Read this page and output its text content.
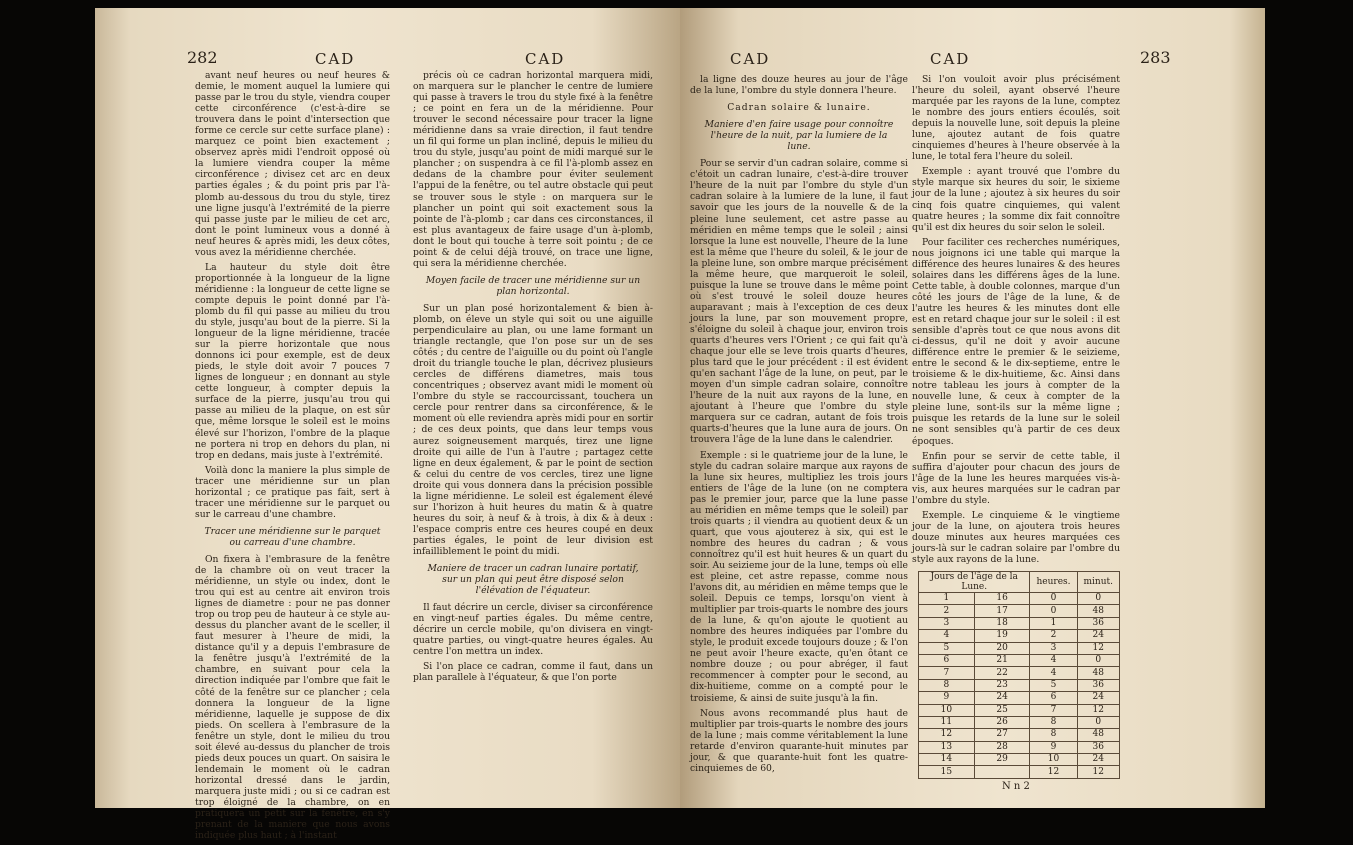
282	CAD	CAD

avant neuf heures ou neuf heures & demie, le moment auquel la lumiere qui passe par le trou du style, viendra couper cette circonférence (c'est-à-dire se trouvera dans le point d'intersection que forme ce cercle sur cette surface plane) : marquez ce point bien exactement ; observez après midi l'endroit opposé où la lumiere viendra couper la même circonférence ; divisez cet arc en deux parties égales ; & du point pris par l'à-plomb au-dessous du trou du style, tirez une ligne jusqu'à l'extrémité de la pierre qui passe juste par le milieu de cet arc, dont le point lumineux vous a donné à neuf heures & après midi, les deux côtes, vous avez la méridienne cherchée.

La hauteur du style doit être proportionnée à la longueur de la ligne méridienne : la longueur de cette ligne se compte depuis le point donné par l'à-plomb du fil qui passe au milieu du trou du style, jusqu'au bout de la pierre. Si la longueur de la ligne méridienne, tracée sur la pierre horizontale que nous donnons ici pour exemple, est de deux pieds, le style doit avoir 7 pouces 7 lignes de longueur ; en donnant au style cette longueur, à compter depuis la surface de la pierre, jusqu'au trou qui passe au milieu de la plaque, on est sûr que, même lorsque le soleil est le moins élevé sur l'horizon, l'ombre de la plaque ne portera ni trop en dehors du plan, ni trop en dedans, mais juste à l'extrémité.

Voilà donc la maniere la plus simple de tracer une méridienne sur un plan horizontal ; ce pratique pas fait, sert à tracer une méridienne sur le parquet ou sur le carreau d'une chambre.

Tracer une méridienne sur le parquet ou carreau d'une chambre.

On fixera à l'embrasure de la fenêtre de la chambre où on veut tracer la méridienne, un style ou index, dont le trou qui est au centre ait environ trois lignes de diametre : pour ne pas donner trop ou trop peu de hauteur à ce style au-dessus du plancher avant de le sceller, il faut mesurer à l'heure de midi, la distance qu'il y a depuis l'embrasure de la fenêtre jusqu'à l'extrémité de la chambre, en suivant pour cela la direction indiquée par l'ombre que fait le côté de la fenêtre sur ce plancher ; cela donnera la longueur de la ligne méridienne, laquelle je suppose de dix pieds. On scellera à l'embrasure de la fenêtre un style, dont le milieu du trou soit élevé au-dessus du plancher de trois pieds deux pouces un quart. On saisira le lendemain le moment où le cadran horizontal dressé dans le jardin, marquera juste midi ; ou si ce cadran est trop éloigné de la chambre, on en pratiquera un petit sur la fenêtre, en s'y prenant de la maniere que nous avons indiquée plus haut ; à l'instant

précis où ce cadran horizontal marquera midi, on marquera sur le plancher le centre de lumiere qui passe à travers le trou du style fixé à la fenêtre ; ce point en fera un de la méridienne. Pour trouver le second nécessaire pour tracer la ligne méridienne dans sa vraie direction, il faut tendre un fil qui forme un plan incliné, depuis le milieu du trou du style, jusqu'au point de midi marqué sur le plancher ; on suspendra à ce fil l'à-plomb assez en dedans de la chambre pour éviter seulement l'appui de la fenêtre, ou tel autre obstacle qui peut se trouver sous le style : on marquera sur le plancher un point qui soit exactement sous la pointe de l'à-plomb ; car dans ces circonstances, il est plus avantageux de faire usage d'un à-plomb, dont le bout qui touche à terre soit pointu ; de ce point & de celui déjà trouvé, on trace une ligne, qui sera la méridienne cherchée.

Moyen facile de tracer une méridienne sur un plan horizontal.

Sur un plan posé horizontalement & bien à-plomb, on éleve un style qui soit ou une aiguille perpendiculaire au plan, ou une lame formant un triangle rectangle, que l'on pose sur un de ses côtés ; du centre de l'aiguille ou du point où l'angle droit du triangle touche le plan, décrivez plusieurs cercles de différens diametres, mais tous concentriques ; observez avant midi le moment où l'ombre du style se raccourcissant, touchera un cercle pour rentrer dans sa circonférence, & le moment où elle reviendra après midi pour en sortir ; de ces deux points, que dans leur temps vous aurez soigneusement marqués, tirez une ligne droite qui aille de l'un à l'autre ; partagez cette ligne en deux également, & par le point de section & celui du centre de vos cercles, tirez une ligne droite qui vous donnera dans la précision possible la ligne méridienne. Le soleil est également élevé sur l'horizon à huit heures du matin & à quatre heures du soir, à neuf & à trois, à dix & à deux : l'espace compris entre ces heures coupé en deux parties égales, le point de leur division est infailliblement le point du midi.

Maniere de tracer un cadran lunaire portatif, sur un plan qui peut être disposé selon l'élévation de l'équateur.

Il faut décrire un cercle, diviser sa circonférence en vingt-neuf parties égales. Du même centre, décrire un cercle mobile, qu'on divisera en vingt-quatre parties, ou vingt-quatre heures égales. Au centre l'on mettra un index.

Si l'on place ce cadran, comme il faut, dans un plan parallele à l'équateur, & que l'on porte

CAD	CAD	283

la ligne des douze heures au jour de l'âge de la lune, l'ombre du style donnera l'heure.

Cadran solaire & lunaire.

Maniere d'en faire usage pour connoître l'heure de la nuit, par la lumiere de la lune.

Pour se servir d'un cadran solaire, comme si c'étoit un cadran lunaire, c'est-à-dire trouver l'heure de la nuit par l'ombre du style d'un cadran solaire à la lumiere de la lune, il faut savoir que les jours de la nouvelle & de la pleine lune seulement, cet astre passe au méridien en même temps que le soleil ; ainsi lorsque la lune est nouvelle, l'heure de la lune est la même que l'heure du soleil, & le jour de la pleine lune, son ombre marque précisément la même heure, que marqueroit le soleil, puisque la lune se trouve dans le même point où s'est trouvé le soleil douze heures auparavant ; mais à l'exception de ces deux jours la lune, par son mouvement propre, s'éloigne du soleil à chaque jour, environ trois quarts d'heures vers l'Orient ; ce qui fait qu'à chaque jour elle se leve trois quarts d'heures, plus tard que le jour précédent : il est évident qu'en sachant l'âge de la lune, on peut, par le moyen d'un simple cadran solaire, connoître l'heure de la nuit aux rayons de la lune, en ajoutant à l'heure que l'ombre du style marquera sur ce cadran, autant de fois trois quarts-d'heures que la lune aura de jours. On trouvera l'âge de la lune dans le calendrier.

Exemple : si le quatrieme jour de la lune, le style du cadran solaire marque aux rayons de la lune six heures, multipliez les trois jours entiers de l'âge de la lune (on ne comptera pas le premier jour, parce que la lune passe au méridien en même temps que le soleil) par trois quarts ; il viendra au quotient deux & un quart, que vous ajouterez à six, qui est le nombre des heures du cadran ; & vous connoîtrez qu'il est huit heures & un quart du soir. Au seizieme jour de la lune, temps où elle est pleine, cet astre repasse, comme nous l'avons dit, au méridien en même temps que le soleil. Depuis ce temps, lorsqu'on vient à multiplier par trois-quarts le nombre des jours de la lune, & qu'on ajoute le quotient au nombre des heures indiquées par l'ombre du style, le produit excede toujours douze ; & l'on ne peut avoir l'heure exacte, qu'en ôtant ce nombre douze ; ou pour abréger, il faut recommencer à compter pour le second, au dix-huitieme, comme on a compté pour le troisieme, & ainsi de suite jusqu'à la fin.

Nous avons recommandé plus haut de multiplier par trois-quarts le nombre des jours de la lune ; mais comme véritablement la lune retarde d'environ quarante-huit minutes par jour, & que quarante-huit font les quatre-cinquiemes de 60,

Si l'on vouloit avoir plus précisément l'heure du soleil, ayant observé l'heure marquée par les rayons de la lune, comptez le nombre des jours entiers écoulés, soit depuis la nouvelle lune, soit depuis la pleine lune, ajoutez autant de fois quatre cinquiemes d'heures à l'heure observée à la lune, le total fera l'heure du soleil.

Exemple : ayant trouvé que l'ombre du style marque six heures du soir, le sixieme jour de la lune ; ajoutez à six heures du soir cinq fois quatre cinquiemes, qui valent quatre heures ; la somme dix fait connoître qu'il est dix heures du soir selon le soleil.

Pour faciliter ces recherches numériques, nous joignons ici une table qui marque la différence des heures lunaires & des heures solaires dans les différens âges de la lune. Cette table, à double colonnes, marque d'un côté les jours de l'âge de la lune, & de l'autre les heures & les minutes dont elle est en retard chaque jour sur le soleil : il est sensible d'après tout ce que nous avons dit ci-dessus, qu'il ne doit y avoir aucune différence entre le premier & le seizieme, entre le second & le dix-septieme, entre le troisieme & le dix-huitieme, &c. Ainsi dans notre tableau les jours à compter de la nouvelle lune, & ceux à compter de la pleine lune, sont-ils sur la même ligne ; puisque les retards de la lune sur le soleil ne sont sensibles qu'à partir de ces deux époques.

Enfin pour se servir de cette table, il suffira d'ajouter pour chacun des jours de l'âge de la lune les heures marquées vis-à-vis, aux heures marquées sur le cadran par l'ombre du style.

Exemple. Le cinquieme & le vingtieme jour de la lune, on ajoutera trois heures douze minutes aux heures marquées ces jours-là sur le cadran solaire par l'ombre du style aux rayons de la lune.

Jours de l'âge de la Lune.		heures.	minut.
1	16	0	0
2	17	0	48
3	18	1	36
4	19	2	24
5	20	3	12
6	21	4	0
7	22	4	48
8	23	5	36
9	24	6	24
10	25	7	12
11	26	8	0
12	27	8	48
13	28	9	36
14	29	10	24
15		12	12
N n 2
